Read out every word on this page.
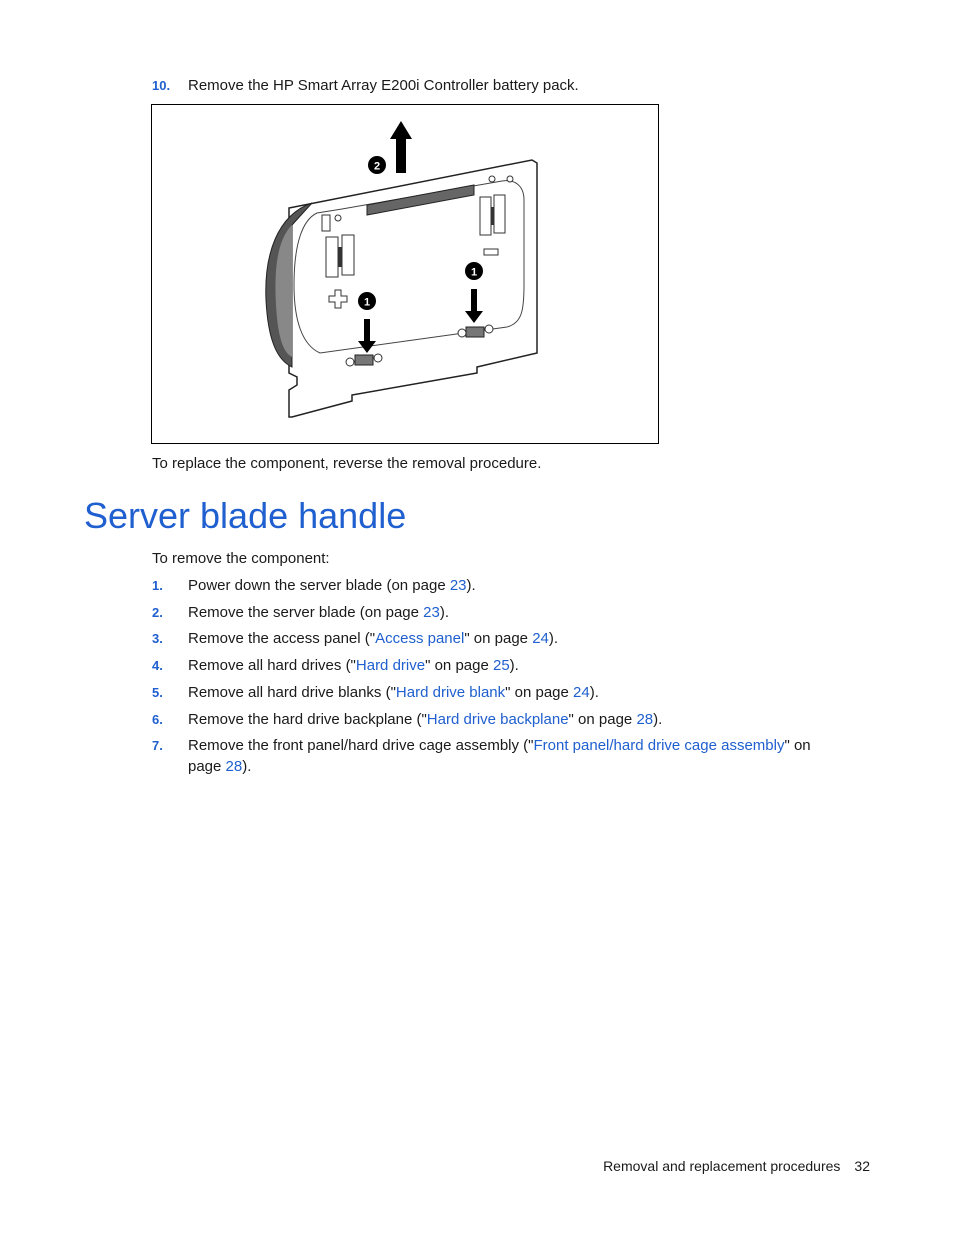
10. Remove the HP Smart Array E200i Controller battery pack.
1
1
2
To replace the component, reverse the removal procedure.
Server blade handle
To remove the component:
1. Power down the server blade (on page 23).
2. Remove the server blade (on page 23).
3. Remove the access panel ("Access panel" on page 24).
4. Remove all hard drives ("Hard drive" on page 25).
5. Remove all hard drive blanks ("Hard drive blank" on page 24).
6. Remove the hard drive backplane ("Hard drive backplane" on page 28).
7. Remove the front panel/hard drive cage assembly ("Front panel/hard drive cage assembly" on
page 28).
Removal and replacement procedures 32
